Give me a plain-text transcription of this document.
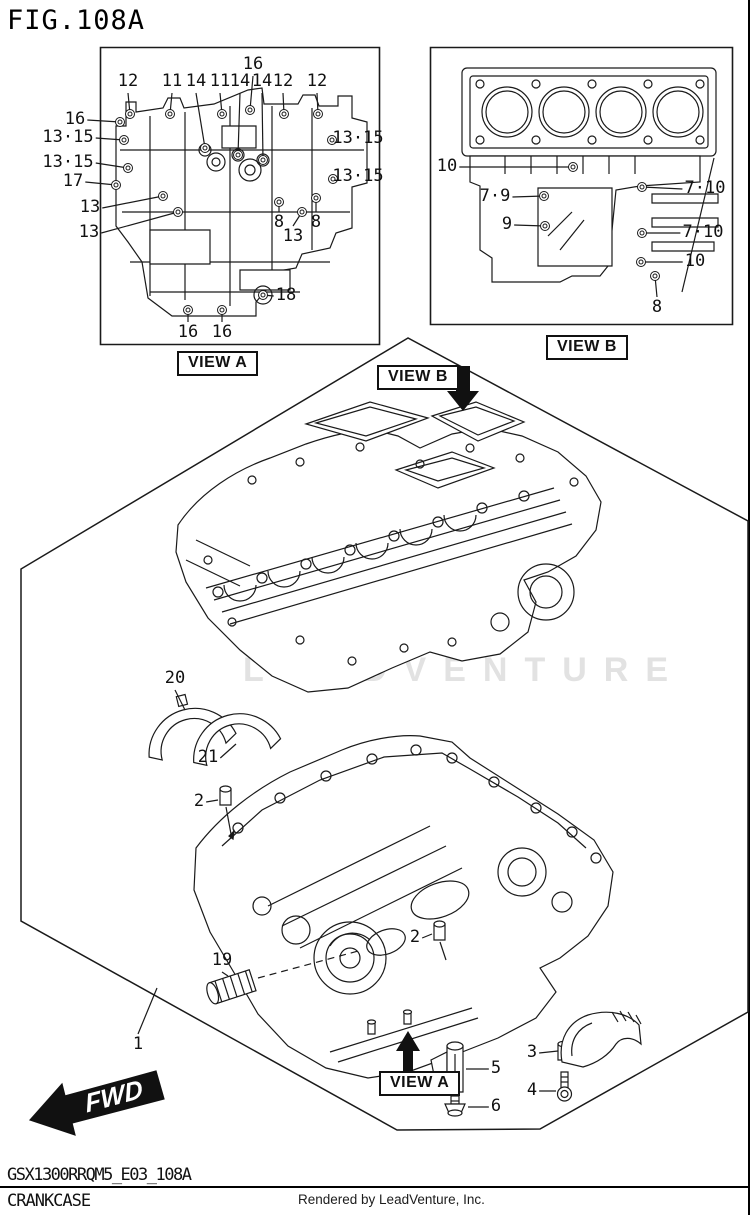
LEADVENTURE
16
12 11 14 11 14 14 12 12
16
13·15
13·15
17
13
13
13·15
13·15
8 8
13
18
16 16
10
7·9	7·10
9	7·10
10
8
20
21
2
19
1
2
5
6
3
4
FIG.108A
VIEW A
VIEW B
VIEW B
VIEW A
FWD
GSX1300RRQM5_E03_108A
CRANKCASE	Rendered by LeadVenture, Inc.
